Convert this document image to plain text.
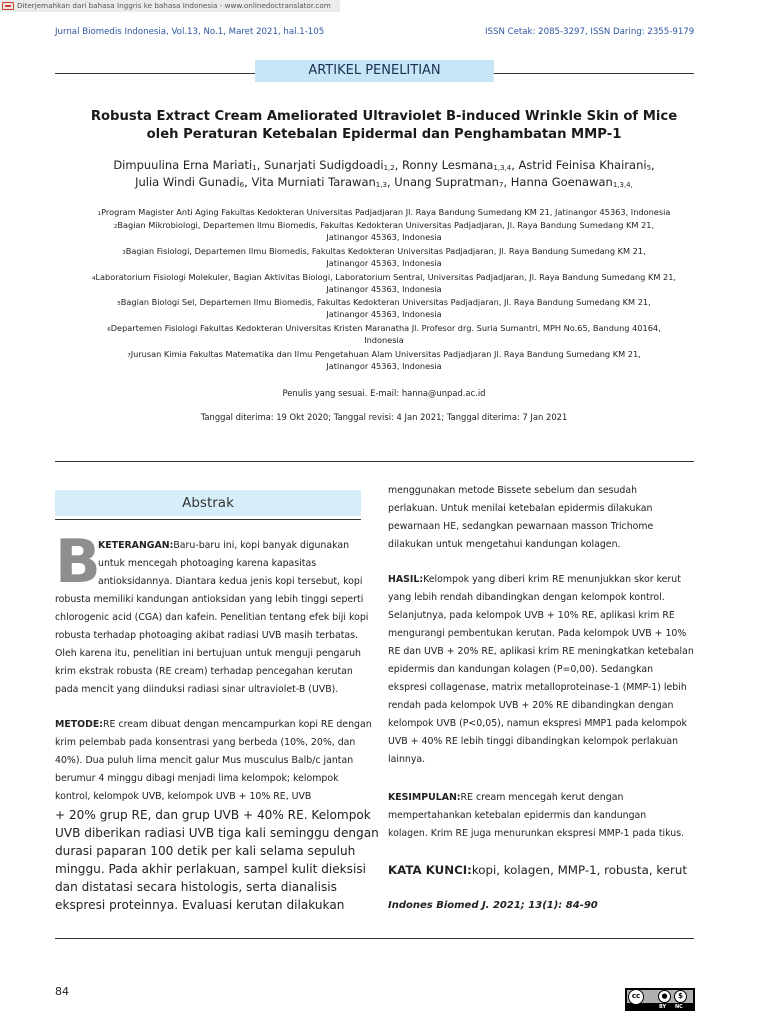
Diterjemahkan dari bahasa Inggris ke bahasa Indonesia - www.onlinedoctranslator.com
Jurnal Biomedis Indonesia, Vol.13, No.1, Maret 2021, hal.1-105	ISSN Cetak: 2085-3297, ISSN Daring: 2355-9179
ARTIKEL PENELITIAN
Robusta Extract Cream Ameliorated Ultraviolet B-induced Wrinkle Skin of Mice
oleh Peraturan Ketebalan Epidermal dan Penghambatan MMP-1
Dimpuulina Erna Mariati$_1$, Sunarjati Sudigdoadi$_{1,2}$, Ronny Lesmana$_{1,3,4}$, Astrid Feinisa Khairani$_5$,
Julia Windi Gunadi$_6$, Vita Murniati Tarawan$_{1,3}$, Unang Supratman$_7$, Hanna Goenawan$_{1,3,4,}$
1Program Magister Anti Aging Fakultas Kedokteran Universitas Padjadjaran Jl. Raya Bandung Sumedang KM 21, Jatinangor 45363, Indonesia
2Bagian Mikrobiologi, Departemen Ilmu Biomedis, Fakultas Kedokteran Universitas Padjadjaran, Jl. Raya Bandung Sumedang KM 21,
Jatinangor 45363, Indonesia
3Bagian Fisiologi, Departemen Ilmu Biomedis, Fakultas Kedokteran Universitas Padjadjaran, Jl. Raya Bandung Sumedang KM 21,
Jatinangor 45363, Indonesia
4Laboratorium Fisiologi Molekuler, Bagian Aktivitas Biologi, Laboratorium Sentral, Universitas Padjadjaran, Jl. Raya Bandung Sumedang KM 21,
Jatinangor 45363, Indonesia
5Bagian Biologi Sel, Departemen Ilmu Biomedis, Fakultas Kedokteran Universitas Padjadjaran, Jl. Raya Bandung Sumedang KM 21,
Jatinangor 45363, Indonesia
6Departemen Fisiologi Fakultas Kedokteran Universitas Kristen Maranatha Jl. Profesor drg. Suria Sumantri, MPH No.65, Bandung 40164,
Indonesia
7Jurusan Kimia Fakultas Matematika dan Ilmu Pengetahuan Alam Universitas Padjadjaran Jl. Raya Bandung Sumedang KM 21,
Jatinangor 45363, Indonesia
Penulis yang sesuai. E-mail: hanna@unpad.ac.id
Tanggal diterima: 19 Okt 2020; Tanggal revisi: 4 Jan 2021; Tanggal diterima: 7 Jan 2021
Abstrak
B
KETERANGAN:Baru-baru ini, kopi banyak digunakan
untuk mencegah photoaging karena kapasitas
antioksidannya. Diantara kedua jenis kopi tersebut, kopi
robusta memiliki kandungan antioksidan yang lebih tinggi seperti
chlorogenic acid (CGA) dan kafein. Penelitian tentang efek biji kopi
robusta terhadap photoaging akibat radiasi UVB masih terbatas.
Oleh karena itu, penelitian ini bertujuan untuk menguji pengaruh
krim ekstrak robusta (RE cream) terhadap pencegahan kerutan
pada mencit yang diinduksi radiasi sinar ultraviolet-B (UVB).
METODE:RE cream dibuat dengan mencampurkan kopi RE dengan
krim pelembab pada konsentrasi yang berbeda (10%, 20%, dan
40%). Dua puluh lima mencit galur Mus musculus Balb/c jantan
berumur 4 minggu dibagi menjadi lima kelompok; kelompok
kontrol, kelompok UVB, kelompok UVB + 10% RE, UVB
+ 20% grup RE, dan grup UVB + 40% RE. Kelompok
UVB diberikan radiasi UVB tiga kali seminggu dengan
durasi paparan 100 detik per kali selama sepuluh
minggu. Pada akhir perlakuan, sampel kulit dieksisi
dan distatasi secara histologis, serta dianalisis
ekspresi proteinnya. Evaluasi kerutan dilakukan
menggunakan metode Bissete sebelum dan sesudah
perlakuan. Untuk menilai ketebalan epidermis dilakukan
pewarnaan HE, sedangkan pewarnaan masson Trichome
dilakukan untuk mengetahui kandungan kolagen.
HASIL:Kelompok yang diberi krim RE menunjukkan skor kerut
yang lebih rendah dibandingkan dengan kelompok kontrol.
Selanjutnya, pada kelompok UVB + 10% RE, aplikasi krim RE
mengurangi pembentukan kerutan. Pada kelompok UVB + 10%
RE dan UVB + 20% RE, aplikasi krim RE meningkatkan ketebalan
epidermis dan kandungan kolagen (P=0,00). Sedangkan
ekspresi collagenase, matrix metalloproteinase-1 (MMP-1) lebih
rendah pada kelompok UVB + 20% RE dibandingkan dengan
kelompok UVB (P<0,05), namun ekspresi MMP1 pada kelompok
UVB + 40% RE lebih tinggi dibandingkan kelompok perlakuan
lainnya.
KESIMPULAN:RE cream mencegah kerut dengan
mempertahankan ketebalan epidermis dan kandungan
kolagen. Krim RE juga menurunkan ekspresi MMP-1 pada tikus.
KATA KUNCI:kopi, kolagen, MMP-1, robusta, kerut
Indones Biomed J. 2021; 13(1): 84-90
84	cc	●	$
BY NC
